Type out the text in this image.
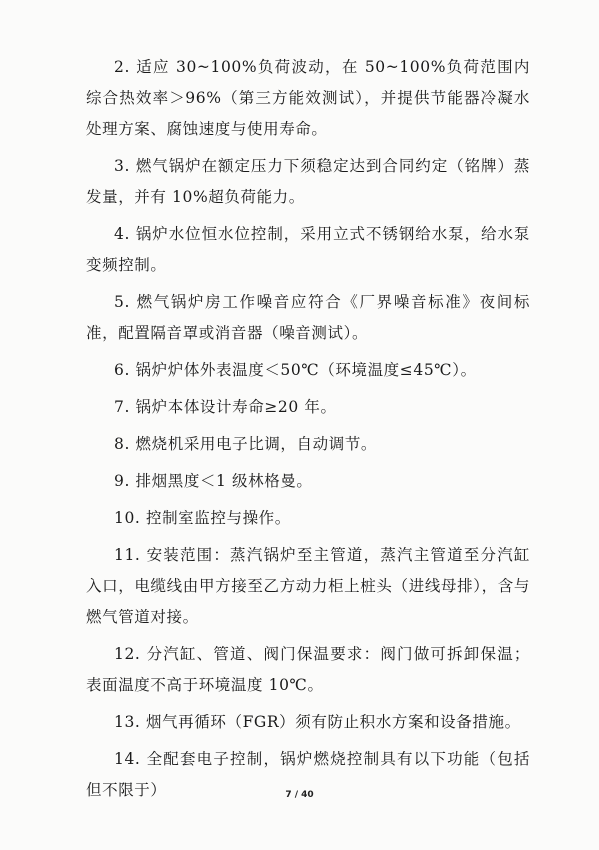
2. 适应 30~100%负荷波动，在 50~100%负荷范围内综合热效率＞96%（第三方能效测试），并提供节能器冷凝水处理方案、腐蚀速度与使用寿命。

3. 燃气锅炉在额定压力下须稳定达到合同约定（铭牌）蒸发量，并有 10%超负荷能力。

4. 锅炉水位恒水位控制，采用立式不锈钢给水泵，给水泵变频控制。

5. 燃气锅炉房工作噪音应符合《厂界噪音标准》夜间标准，配置隔音罩或消音器（噪音测试）。

6. 锅炉炉体外表温度＜50℃（环境温度≤45℃）。

7. 锅炉本体设计寿命≥20 年。

8. 燃烧机采用电子比调，自动调节。

9. 排烟黑度＜1 级林格曼。

10. 控制室监控与操作。

11. 安装范围：蒸汽锅炉至主管道，蒸汽主管道至分汽缸入口，电缆线由甲方接至乙方动力柜上桩头（进线母排），含与燃气管道对接。

12. 分汽缸、管道、阀门保温要求：阀门做可拆卸保温；表面温度不高于环境温度 10℃。

13. 烟气再循环（FGR）须有防止积水方案和设备措施。

14. 全配套电子控制，锅炉燃烧控制具有以下功能（包括但不限于）	7 / 40
